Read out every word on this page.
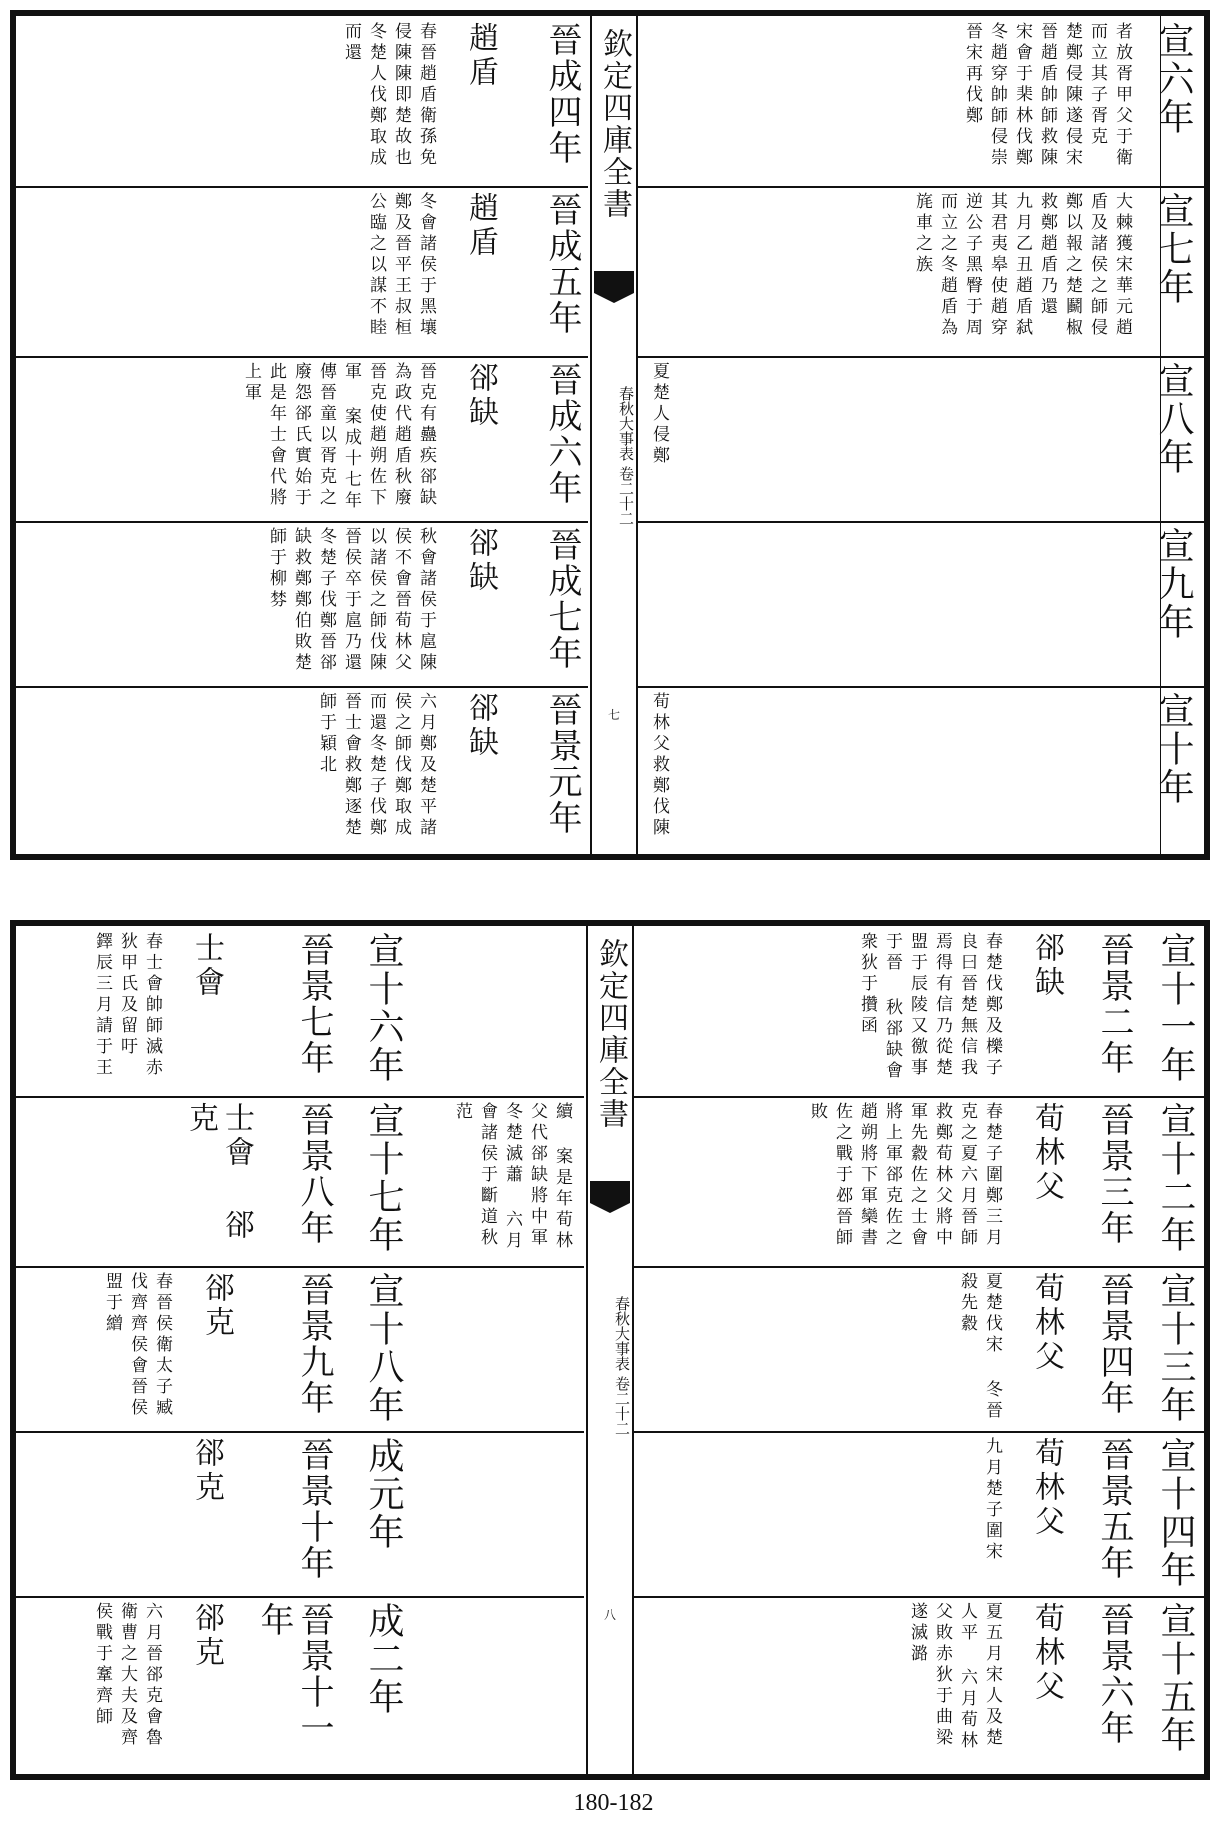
欽定四庫全書
春秋大事表 卷二十二
七
宣六年
者放胥甲父于衛而立其子胥克 楚鄭侵陳遂侵宋晉趙盾帥師救陳宋會于棐林伐鄭 冬趙穿帥師侵崇晉宋再伐鄭
宣七年
大棘獲宋華元趙盾及諸侯之師侵鄭以報之楚鬬椒救鄭趙盾乃還 九月乙丑趙盾弑其君夷皋使趙穿逆公子黑臀于周而立之冬趙盾為旄車之族
宣八年
夏楚人侵鄭
宣九年
宣十年
荀林父救鄭伐陳
晉成四年
趙盾
春晉趙盾衛孫免侵陳陳即楚故也 冬楚人伐鄭取成而還
晉成五年
趙盾
冬會諸侯于黑壤鄭及晉平王叔桓公臨之以謀不睦
晉成六年
郤缺
晉克有蠱疾郤缺為政代趙盾秋廢晉克使趙朔佐下軍 案成十七年傳晉童以胥克之廢怨郤氏實始于此是年士會代將上軍
晉成七年
郤缺
秋會諸侯于扈陳侯不會晉荀林父以諸侯之師伐陳晉侯卒于扈乃還 冬楚子伐鄭晉郤缺救鄭鄭伯敗楚師于柳棼
晉景元年
郤缺
六月鄭及楚平諸侯之師伐鄭取成而還冬楚子伐鄭晉士會救鄭逐楚師于穎北
欽定四庫全書
春秋大事表 卷二十二
八
宣十一年
晉景二年
郤缺
春楚伐鄭及櫟子良曰晉楚無信我焉得有信乃從楚盟于辰陵又徼事于晉 秋郤缺會衆狄于攢函
宣十二年
晉景三年
荀林父
春楚子圍鄭三月克之夏六月晉師救鄭荀林父將中軍先縠佐之士會將上軍郤克佐之趙朔將下軍欒書佐之戰于邲晉師敗
宣十三年
晉景四年
荀林父
夏楚伐宋 冬晉殺先縠
宣十四年
晉景五年
荀林父
九月楚子圍宋
宣十五年
晉景六年
荀林父
夏五月宋人及楚人平 六月荀林父敗赤狄于曲梁遂滅潞
宣十六年
晉景七年
士會
春士會帥師滅赤狄甲氏及留吁 鐸辰三月請于王
宣十七年
晉景八年	續 案是年荀林父代郤缺將中軍冬楚滅蕭 六月會諸侯于斷道秋范
士會 郤克
宣十八年
晉景九年
郤克
春晉侯衛太子臧伐齊齊侯會晉侯盟于繒
成元年
晉景十年
郤克
成二年
晉景十一年
郤克
六月晉郤克會魯衛曹之大夫及齊侯戰于鞌齊師
180-182
